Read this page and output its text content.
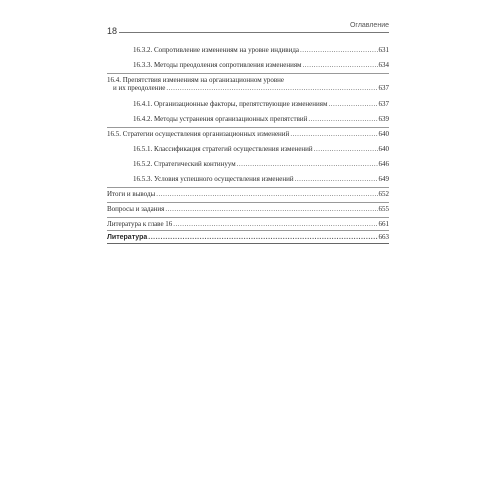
18
Оглавление
16.3.2. Сопротивление изменениям на уровне индивида .....	631
16.3.3. Методы преодоления сопротивления изменениям .....	634
16.4. Препятствия изменениям на организационном уровне
и их преодоление .....	637
16.4.1. Организационные факторы, препятствующие изменениям .....	637
16.4.2. Методы устранения организационных препятствий .....	639
16.5. Стратегии осуществления организационных изменений .....	640
16.5.1. Классификация стратегий осуществления изменений .....	640
16.5.2. Стратегический континуум .....	646
16.5.3. Условия успешного осуществления изменений .....	649
Итоги и выводы .....	652
Вопросы и задания .....	655
Литература к главе 16 .....	661
Литература .....	663
